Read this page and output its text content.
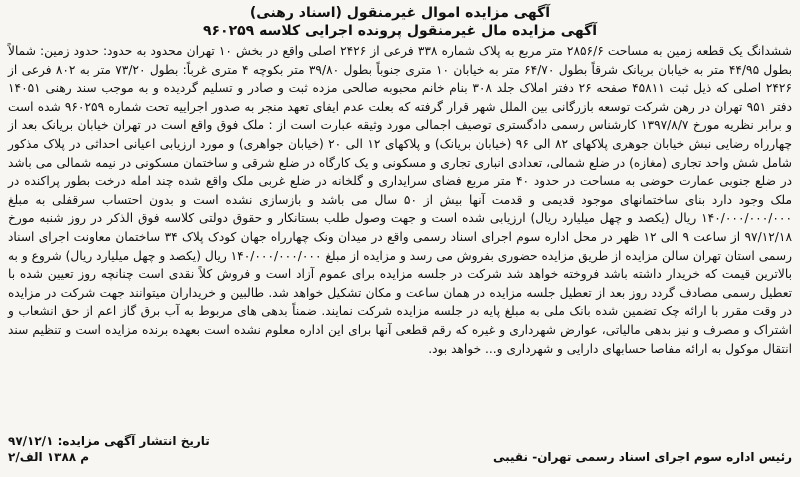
آگهی مزایده اموال غیرمنقول (اسناد رهنی)
آگهی مزایده مال غیرمنقول پرونده اجرایی کلاسه ۹۶۰۲۵۹
ششدانگ یک قطعه زمین به مساحت ۲۸۵۶/۶ متر مربع به پلاک شماره ۳۳۸ فرعی از ۲۴۲۶ اصلی واقع در بخش ۱۰ تهران محدود به حدود: حدود زمین: شمالاً بطول ۴۴/۹۵ متر به خیابان بریانک شرقاً بطول ۶۴/۷۰ متر به خیابان ۱۰ متری جنوباً بطول ۳۹/۸۰ متر بکوچه ۴ متری غرباً: بطول ۷۳/۲۰ متر به ۸۰۲ فرعی از ۲۴۲۶ اصلی که ذیل ثبت ۴۵۸۱۱ صفحه ۲۶ دفتر املاک جلد ۳۰۸ بنام خانم محبوبه صالحی مزده ثبت و صادر و تسلیم گردیده و به موجب سند رهنی ۱۴۰۵۱ دفتر ۹۵۱ تهران در رهن شرکت توسعه بازرگانی بین الملل شهر قرار گرفته که بعلت عدم ایفای تعهد منجر به صدور اجراییه تحت شماره ۹۶۰۲۵۹ شده است و برابر نظریه مورخ ۱۳۹۷/۸/۷ کارشناس رسمی دادگستری توصیف اجمالی مورد وثیقه عبارت است از : ملک فوق واقع است در تهران خیابان بریانک بعد از چهارراه رضایی نبش خیابان جوهری پلاکهای ۸۲ الی ۹۶ (خیابان بریانک) و پلاکهای ۱۲ الی ۲۰ (خیابان جواهری) و مورد ارزیابی اعیانی احداثی در پلاک مذکور شامل شش واحد تجاری (مغازه) در ضلع شمالی، تعدادی انباری تجاری و مسکونی و یک کارگاه در ضلع شرقی و ساختمان مسکونی در نیمه شمالی می باشد در ضلع جنوبی عمارت حوضی به مساحت در حدود ۴۰ متر مربع فضای سرایداری و گلخانه در ضلع غربی ملک واقع شده چند امله درخت بطور پراکنده در ملک وجود دارد بنای ساختمانهای موجود قدیمی و قدمت آنها بیش از ۵۰ سال می باشد و بازسازی نشده است و بدون احتساب سرقفلی به مبلغ ۱۴۰/۰۰۰/۰۰۰/۰۰۰ ریال (یکصد و چهل میلیارد ریال) ارزیابی شده است و جهت وصول طلب بستانکار و حقوق دولتی کلاسه فوق الذکر در روز شنبه مورخ ۹۷/۱۲/۱۸ از ساعت ۹ الی ۱۲ ظهر در محل اداره سوم اجرای اسناد رسمی واقع در میدان ونک چهارراه جهان کودک پلاک ۳۴ ساختمان معاونت اجرای اسناد رسمی استان تهران سالن مزایده از طریق مزایده حضوری بفروش می رسد و مزایده از مبلغ ۱۴۰/۰۰۰/۰۰۰/۰۰۰ ریال (یکصد و چهل میلیارد ریال) شروع و به بالاترین قیمت که خریدار داشته باشد فروخته خواهد شد شرکت در جلسه مزایده برای عموم آزاد است و فروش کلاً نقدی است چنانچه روز تعیین شده با تعطیل رسمی مصادف گردد روز بعد از تعطیل جلسه مزایده در همان ساعت و مکان تشکیل خواهد شد. طالبین و خریداران میتوانند جهت شرکت در مزایده در وقت مقرر با ارائه چک تضمین شده بانک ملی به مبلغ پایه در جلسه مزایده شرکت نمایند. ضمناً بدهی های مربوط به آب برق گاز اعم از حق انشعاب و اشتراک و مصرف و نیز بدهی مالیاتی، عوارض شهرداری و غیره که رقم قطعی آنها برای این اداره معلوم نشده است بعهده برنده مزایده است و تنظیم سند انتقال موکول به ارائه مفاصا حسابهای دارایی و شهرداری و... خواهد بود.
تاریخ انتشار آگهی مزایده: ۹۷/۱۲/۱
رئیس اداره سوم اجرای اسناد رسمی تهران- نقیبی
۲/م ۱۳۸۸ الف
